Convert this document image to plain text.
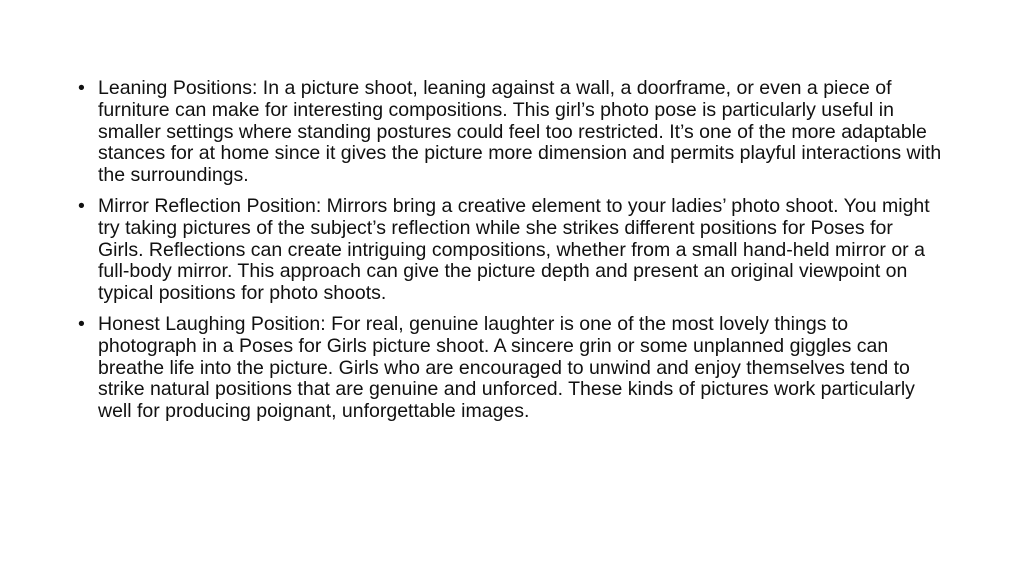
• Leaning Positions: In a picture shoot, leaning against a wall, a doorframe, or even a piece of furniture can make for interesting compositions. This girl’s photo pose is particularly useful in smaller settings where standing postures could feel too restricted. It’s one of the more adaptable stances for at home since it gives the picture more dimension and permits playful interactions with the surroundings.
• Mirror Reflection Position: Mirrors bring a creative element to your ladies’ photo shoot. You might try taking pictures of the subject’s reflection while she strikes different positions for Poses for Girls. Reflections can create intriguing compositions, whether from a small hand-held mirror or a full-body mirror. This approach can give the picture depth and present an original viewpoint on typical positions for photo shoots.
• Honest Laughing Position: For real, genuine laughter is one of the most lovely things to photograph in a Poses for Girls picture shoot. A sincere grin or some unplanned giggles can breathe life into the picture. Girls who are encouraged to unwind and enjoy themselves tend to strike natural positions that are genuine and unforced. These kinds of pictures work particularly well for producing poignant, unforgettable images.
